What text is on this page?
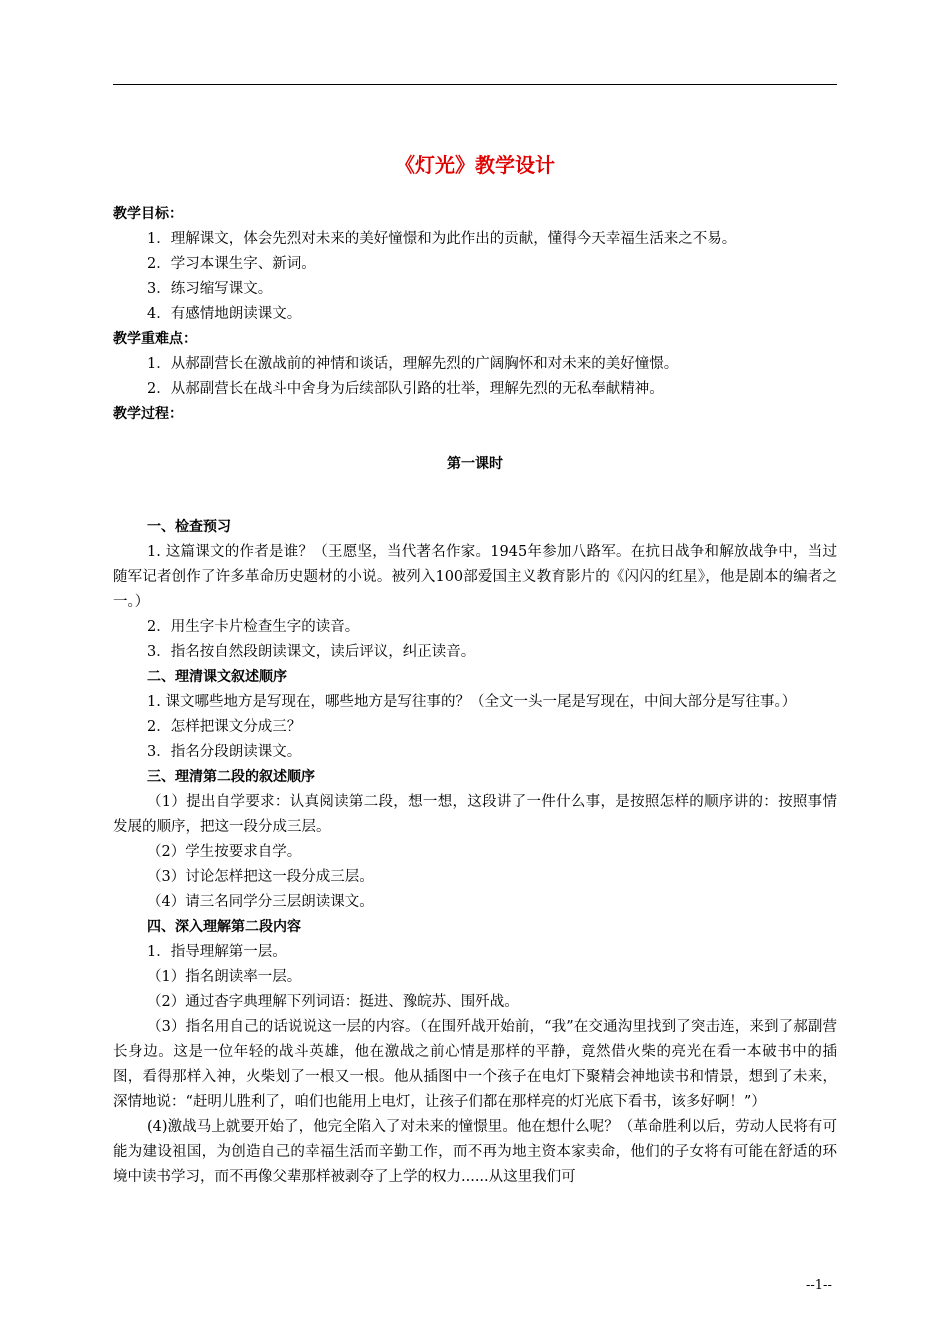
《灯光》教学设计

教学目标：

1．理解课文，体会先烈对未来的美好憧憬和为此作出的贡献，懂得今天幸福生活来之不易。

2．学习本课生字、新词。

3．练习缩写课文。

4．有感情地朗读课文。

教学重难点：

1．从郝副营长在激战前的神情和谈话，理解先烈的广阔胸怀和对未来的美好憧憬。

2．从郝副营长在战斗中舍身为后续部队引路的壮举，理解先烈的无私奉献精神。

教学过程：

第一课时

一、检查预习

1. 这篇课文的作者是谁？（王愿坚，当代著名作家。1945年参加八路军。在抗日战争和解放战争中，当过随军记者创作了许多革命历史题材的小说。被列入100部爱国主义教育影片的《闪闪的红星》，他是剧本的编者之一。）

2．用生字卡片检查生字的读音。

3．指名按自然段朗读课文，读后评议，纠正读音。

二、理清课文叙述顺序

1. 课文哪些地方是写现在，哪些地方是写往事的？（全文一头一尾是写现在，中间大部分是写往事。）

2．怎样把课文分成三？

3．指名分段朗读课文。

三、理清第二段的叙述顺序

（1）提出自学要求：认真阅读第二段，想一想，这段讲了一件什么事，是按照怎样的顺序讲的：按照事情发展的顺序，把这一段分成三层。

（2）学生按要求自学。

（3）讨论怎样把这一段分成三层。

（4）请三名同学分三层朗读课文。

四、深入理解第二段内容

1．指导理解第一层。

（1）指名朗读率一层。

（2）通过杳字典理解下列词语：挺进、豫皖苏、围歼战。

（3）指名用自己的话说说这一层的内容。（在围歼战开始前，“我”在交通沟里找到了突击连，来到了郝副营长身边。这是一位年轻的战斗英雄，他在激战之前心情是那样的平静，竟然借火柴的亮光在看一本破书中的插图，看得那样入神，火柴划了一根又一根。他从插图中一个孩子在电灯下聚精会神地读书和情景，想到了未来，深情地说：“赶明儿胜利了，咱们也能用上电灯，让孩子们都在那样亮的灯光底下看书，该多好啊！”）

(4)激战马上就要开始了，他完全陷入了对未来的憧憬里。他在想什么呢？（革命胜利以后，劳动人民将有可能为建设祖国，为创造自己的幸福生活而辛勤工作，而不再为地主资本家卖命，他们的子女将有可能在舒适的环境中读书学习，而不再像父辈那样被剥夺了上学的权力......从这里我们可

--1--
